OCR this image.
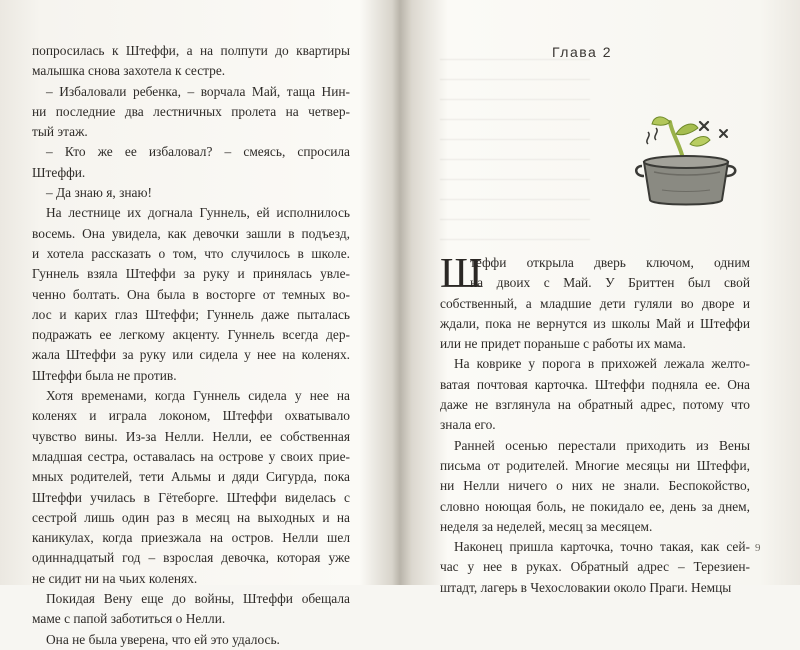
попросилась к Штеффи, а на полпути до квартиры
малышка снова захотела к сестре.
– Избаловали ребенка, – ворчала Май, таща Нин-
ни последние два лестничных пролета на четвер-
тый этаж.
– Кто же ее избаловал? – смеясь, спросила
Штеффи.
– Да знаю я, знаю!
На лестнице их догнала Гуннель, ей исполнилось
восемь. Она увидела, как девочки зашли в подъезд,
и хотела рассказать о том, что случилось в школе.
Гуннель взяла Штеффи за руку и принялась увле-
ченно болтать. Она была в восторге от темных во-
лос и карих глаз Штеффи; Гуннель даже пыталась
подражать ее легкому акценту. Гуннель всегда дер-
жала Штеффи за руку или сидела у нее на коленях.
Штеффи была не против.
Хотя временами, когда Гуннель сидела у нее на
коленях и играла локоном, Штеффи охватывало
чувство вины. Из-за Нелли. Нелли, ее собственная
младшая сестра, оставалась на острове у своих прие-
мных родителей, тети Альмы и дяди Сигурда, пока
Штеффи училась в Гётеборге. Штеффи виделась с
сестрой лишь один раз в месяц на выходных и на
каникулах, когда приезжала на остров. Нелли шел
одиннадцатый год – взрослая девочка, которая уже
не сидит ни на чьих коленях.
Покидая Вену еще до войны, Штеффи обещала
маме с папой заботиться о Нелли.
Она не была уверена, что ей это удалось.
Глава 2
Ш
теффи открыла дверь ключом, одним
на двоих с Май. У Бриттен был свой
собственный, а младшие дети гуляли во дворе и
ждали, пока не вернутся из школы Май и Штеффи
или не придет пораньше с работы их мама.
На коврике у порога в прихожей лежала желто-
ватая почтовая карточка. Штеффи подняла ее. Она
даже не взглянула на обратный адрес, потому что
знала его.
Ранней осенью перестали приходить из Вены
письма от родителей. Многие месяцы ни Штеффи,
ни Нелли ничего о них не знали. Беспокойство,
словно ноющая боль, не покидало ее, день за днем,
неделя за неделей, месяц за месяцем.
Наконец пришла карточка, точно такая, как сей-
час у нее в руках. Обратный адрес – Терезиен-
штадт, лагерь в Чехословакии около Праги. Немцы
9
